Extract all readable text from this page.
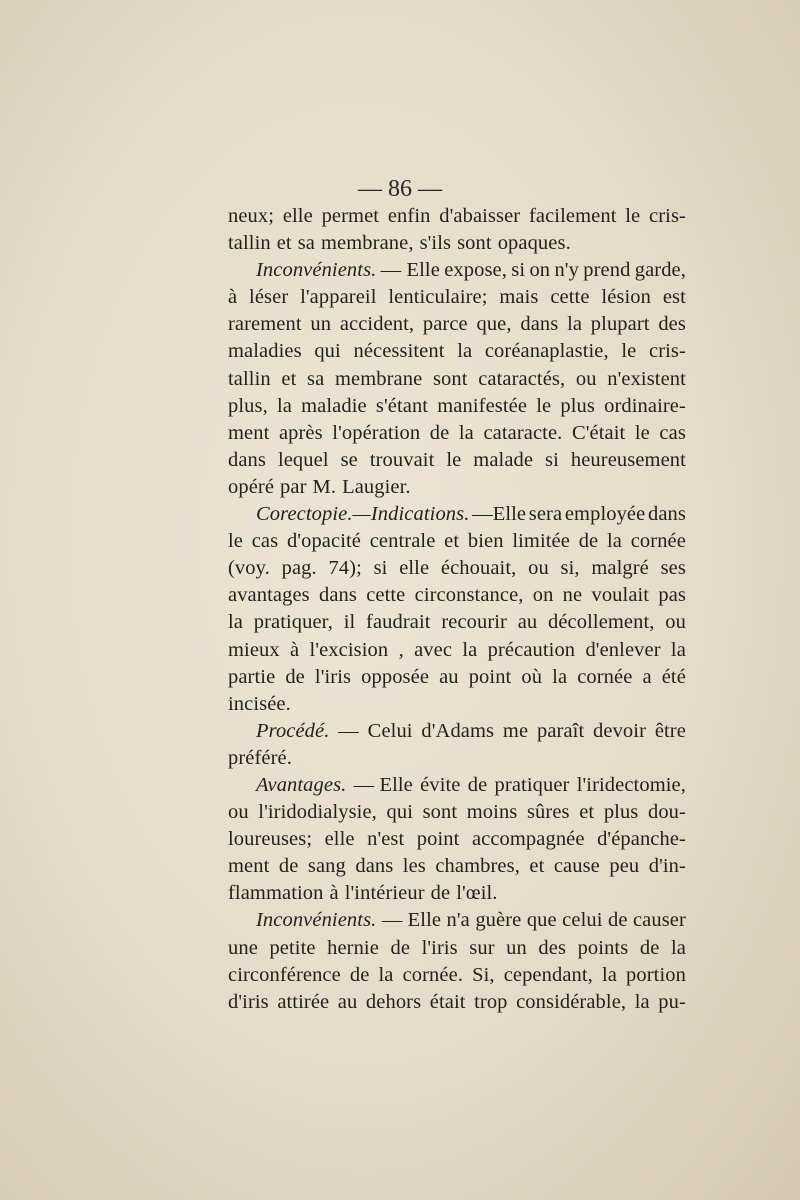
— 86 —
neux; elle permet enfin d'abaisser facilement le cris-
tallin et sa membrane, s'ils sont opaques.
Inconvénients. — Elle expose, si on n'y prend garde,
à léser l'appareil lenticulaire; mais cette lésion est
rarement un accident, parce que, dans la plupart des
maladies qui nécessitent la coréanaplastie, le cris-
tallin et sa membrane sont cataractés, ou n'existent
plus, la maladie s'étant manifestée le plus ordinaire-
ment après l'opération de la cataracte. C'était le cas
dans lequel se trouvait le malade si heureusement
opéré par M. Laugier.
Corectopie.—Indications. —Elle sera employée dans
le cas d'opacité centrale et bien limitée de la cornée
(voy. pag. 74); si elle échouait, ou si, malgré ses
avantages dans cette circonstance, on ne voulait pas
la pratiquer, il faudrait recourir au décollement, ou
mieux à l'excision , avec la précaution d'enlever la
partie de l'iris opposée au point où la cornée a été
incisée.
Procédé. — Celui d'Adams me paraît devoir être
préféré.
Avantages. — Elle évite de pratiquer l'iridectomie,
ou l'iridodialysie, qui sont moins sûres et plus dou-
loureuses; elle n'est point accompagnée d'épanche-
ment de sang dans les chambres, et cause peu d'in-
flammation à l'intérieur de l'œil.
Inconvénients. — Elle n'a guère que celui de causer
une petite hernie de l'iris sur un des points de la
circonférence de la cornée. Si, cependant, la portion
d'iris attirée au dehors était trop considérable, la pu-
